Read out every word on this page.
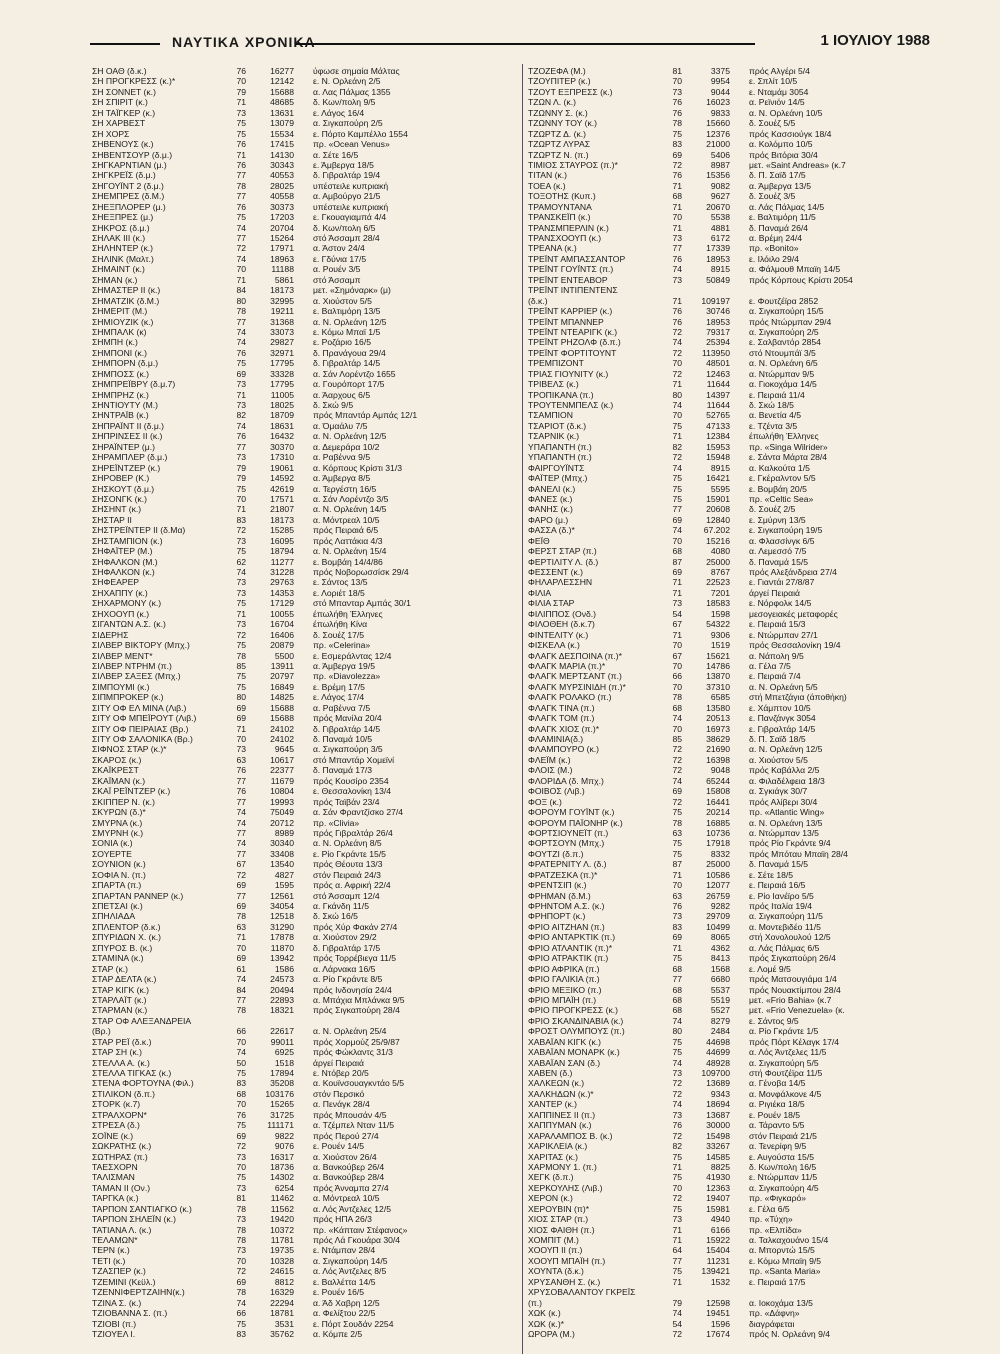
ΝΑΥΤΙΚΑ ΧΡΟΝΙΚΑ	1 ΙΟΥΛΙΟΥ 1988
ΣΗ ΟΑΘ (δ.κ.)	76	16277 ύφωσε σημαία Μάλτας
ΣΗ ΠΡΟΓΚΡΕΣΣ (κ.)*	70	12142 ε. Ν. Ορλεάνη 2/5
ΣΗ ΣΟΝΝΕΤ (κ.)	79	15688 α. Λας Πάλμας 1355
ΣΗ ΣΠΙΡΙΤ (κ.)	71	48685 δ. Κων/πολη 9/5
ΣΗ ΤΑΪΓΚΕΡ (κ.)	73	13631 ε. Λάγος 16/4
ΣΗ ΧΑΡΒΕΣΤ	75	13079 α. Σιγκαπούρη 2/5
ΣΗ ΧΟΡΣ	75	15534 ε. Πόρτο Καμπέλλο 1554
ΣΗΒΕΝΟΥΣ (κ.)	76	17415 πρ. «Ocean Venus»
ΣΗΒΕΝΤΣΟΥΡ (δ.μ.)	71	14130 α. Σέτε 16/5
ΣΗΓΚΑΡΝΤΙΑΝ (μ.)	76	30343 ε. Άμβεργα 18/5
ΣΗΓΚΡΕΪΣ (δ.μ.)	77	40553 δ. Γιβραλτάρ 19/4
ΣΗΓΟΥΪΝΤ 2 (δ.μ.)	78	28025 υπέστειλε κυπριακή
ΣΗΕΜΠΡΕΣ (δ.Μ.)	77	40558 α. Αμβούργο 21/5
ΣΗΕΞΠΛΟΡΕΡ (μ.)	76	30373 υπέστειλε κυπριακή
ΣΗΕΞΠΡΕΣ (μ.)	75	17203 ε. Γκουαγιαμπά 4/4
ΣΗΚΡΟΣ (δ.μ.)	74	20704 δ. Κων/πολη 6/5
ΣΗΛΑΚ ΙΙΙ (κ.)	77	15264 στό Άσσαμπ 28/4
ΣΗΛΗΝΤΕΡ (κ.)	72	17971 α. Άστον 24/4
ΣΗΛΙΝΚ (Μαλτ.)	74	18963 ε. Γδύνια 17/5
ΣΗΜΑΙΝΤ (κ.)	70	11188 α. Ρουέν 3/5
ΣΗΜΑΝ (κ.)	71	5861 στό Άσσαμπ
ΣΗΜΑΣΤΕΡ ΙΙ (κ.)	84	18173 μετ. «Σημόναρκ» (μ)
ΣΗΜΑΤΖΙΚ (δ.Μ.)	80	32995 α. Χιούστον 5/5
ΣΗΜΕΡΙΤ (Μ.)	78	19211 ε. Βαλτιμόρη 13/5
ΣΗΜΙΟΥΖΙΚ (κ.)	77	31368 α. Ν. Ορλεάνη 12/5
ΣΗΜΠΑΛΚ (κ)	74	33073 ε. Κόμω Μπαϊ 1/5
ΣΗΜΠΗ (κ.)	74	29827 ε. Ροζάριο 16/5
ΣΗΜΠΟΝΙ (κ.)	76	32971 δ. Πρανάγουα 29/4
ΣΗΜΠΟΡΝ (δ.μ.)	75	17795 δ. Γιβραλτάρ 14/5
ΣΗΜΠΟΣΣ (κ.)	69	33328 α. Σάν Λορέντζο 1655
ΣΗΜΠΡΕΪΒΡΥ (δ.μ.7)	73	17795 α. Γουρόπορτ 17/5
ΣΗΜΠΡΗΖ (κ.)	71	11005 α. Άαρχους 6/5
ΣΗΝΤΙΟΥΤΥ (Μ.)	73	18025 δ. Σκώ 9/5
ΣΗΝΤΡΑΪΒ (κ.)	82	18709 πρός Μπαντάρ Αμπάς 12/1
ΣΗΠΡΑΪΝΤ ΙΙ (δ.μ.)	74	18631 α. Όμαάλυ 7/5
ΣΗΠΡΙΝΣΕΣ ΙΙ (κ.)	76	16432 α. Ν. Ορλεάνη 12/5
ΣΗΡΑΪΝΤΕΡ (μ.)	77	30370 α. Δεμεράρα 10/2
ΣΗΡΑΜΠΛΕΡ (δ.μ.)	73	17310 α. Ραβέννα 9/5
ΣΗΡΕΪΝΤΖΕΡ (κ.)	79	19061 α. Κόρπους Κρίστι 31/3
ΣΗΡΟΒΕΡ (Κ.)	79	14592 α. Άμβεργα 8/5
ΣΗΣΚΟΥΤ (δ.μ.)	75	42619 α. Τεργέστη 16/5
ΣΗΣΟΝΓΚ (κ.)	70	17571 α. Σάν Λορέντζο 3/5
ΣΗΣΗΝΤ (κ.)	71	21807 α. Ν. Ορλεάνη 14/5
ΣΗΣΤΑΡ ΙΙ	83	18173 α. Μόντρεαλ 10/5
ΣΗΣΤΡΕΪΝΤΕΡ ΙΙ (δ.Μα)	72	15285 πρός Πειραιά 6/5
ΣΗΣΤΑΜΠΙΟΝ (κ.)	73	16095 πρός Λαττάκια 4/3
ΣΗΦΑΪΤΕΡ (Μ.)	75	18794 α. Ν. Ορλεάνη 15/4
ΣΗΦΑΛΚΟΝ (Μ.)	62	11277 ε. Βομβάη 14/4/86
ΣΗΦΑΛΚΟΝ (κ.)	74	31228 πρός Νοβορωσσίσκ 29/4
ΣΗΦΕΑΡΕΡ	73	29763 ε. Σάντος 13/5
ΣΗΧΑΠΠΥ (κ.)	73	14353 ε. Λοριέτ 18/5
ΣΗΧΑΡΜΟΝΥ (κ.)	75	17129 στό Μπανταρ Αμπάς 30/1
ΣΗΧΟΟΥΠ (κ.)	71	10055 έπωλήθη Έλληνες
ΣΙΓΑΝΤΩΝ Α.Σ. (κ.)	73	16704 έπωλήθη Κίνα
ΣΙΔΕΡΗΣ	72	16406 δ. Σουέζ 17/5
ΣΙΛΒΕΡ ΒΙΚΤΟΡΥ (Μπχ.)	75	20879 πρ. «Celerina»
ΣΙΛΒΕΡ ΜΕΝΤ*	78	5500 ε. Εσμεράλντας 12/4
ΣΙΛΒΕΡ ΝΤΡΗΜ (π.)	85	13911 α. Άμβεργα 19/5
ΣΙΛΒΕΡ ΣΑΞΕΣ (Μπχ.)	75	20797 πρ. «Diavolezza»
ΣΙΜΠΟΥΜΙ (κ.)	75	16849 ε. Βρέμη 17/5
ΣΙΠΜΠΡΟΚΕΡ (κ.)	80	14825 ε. Λάγος 17/4
ΣΙΤΥ ΟΦ ΕΛ ΜΙΝΑ (Λιβ.)	69	15688 α. Ραβέννα 7/5
ΣΙΤΥ ΟΦ ΜΠΕΪΡΟΥΤ (Λιβ.)	69	15688 πρός Μανίλα 20/4
ΣΙΤΥ ΟΦ ΠΕΙΡΑΙΑΣ (Βρ.)	71	24102 δ. Γιβραλτάρ 14/5
ΣΙΤΥ ΟΦ ΣΑΛΟΝΙΚΑ (Βρ.)	70	24102 δ. Παναμά 10/5
ΣΙΦΝΟΣ ΣΤΑΡ (κ.)*	73	9645 α. Σιγκαπούρη 3/5
ΣΚΑΡΟΣ (κ.)	63	10617 στό Μπαντάρ Χομεϊνί
ΣΚΑΪΚΡΕΣΤ	76	22377 δ. Παναμά 17/3
ΣΚΑΪΜΑΝ (κ.)	77	11679 πρός Κουσίρο 2354
ΣΚΑΪ ΡΕΪΝΤΖΕΡ (κ.)	76	10804 ε. Θεσσαλονίκη 13/4
ΣΚΙΠΠΕΡ Ν. (κ.)	77	19993 πρός Ταϊβάν 23/4
ΣΚΥΡΩΝ (δ.)*	74	75049 α. Σάν Φραντζίσκο 27/4
ΣΜΥΡΝΑ (κ.)	74	20712 πρ. «Clivia»
ΣΜΥΡΝΗ (κ.)	77	8989 πρός Γιβραλτάρ 26/4
ΣΟΝΙΑ (κ.)	74	30340 α. Ν. Ορλεάνη 8/5
ΣΟΥΕΡΤΕ	77	33408 ε. Ρίο Γκράντε 15/5
ΣΟΥΝΙΟΝ (κ.)	67	13540 πρός Θέουτα 13/3
ΣΟΦΙΑ Ν. (π.)	72	4827 στόν Πειραιά 24/3
ΣΠΑΡΤΑ (π.)	69	1595 πρός α. Αφρική 22/4
ΣΠΑΡΤΑΝ ΡΑΝΝΕΡ (κ.)	77	12561 στό Άσσαμπ 12/4
ΣΠΕΤΣΑΙ (κ.)	69	34054 α. Γκάνδη 11/5
ΣΠΗΛΙΑΔΑ	78	12518 δ. Σκώ 16/5
ΣΠΛΕΝΤΟΡ (δ.κ.)	63	31290 πρός Χύρ Φακάν 27/4
ΣΠΥΡΙΔΩΝ Χ. (κ.)	71	17878 α. Χιούστον 29/2
ΣΠΥΡΟΣ Β. (κ.)	70	11870 δ. Γιβραλτάρ 17/5
ΣΤΑΜΙΝΑ (κ.)	69	13942 πρός Τορρέβιεγα 11/5
ΣΤΑΡ (κ.)	61	1586 α. Λάρνακα 16/5
ΣΤΑΡ ΔΕΛΤΑ (κ.)	74	24573 α. Ρίο Γκράντε 8/5
ΣΤΑΡ ΚΙΓΚ (κ.)	84	20494 πρός Ινδονησία 24/4
ΣΤΑΡΛΑΪΤ (κ.)	77	22893 α. Μπάχια Μπλάνκα 9/5
ΣΤΑΡΜΑΝ (κ.)	78	18321 πρός Σιγκαπούρη 28/4
ΣΤΑΡ ΟΦ ΑΛΕΞΑΝΔΡΕΙΑ
(Βρ.)	66	22617 α. Ν. Ορλεάνη 25/4
ΣΤΑΡ ΡΕΪ (δ.κ.)	70	99011 πρός Χορμούζ 25/9/87
ΣΤΑΡ ΣΗ (κ.)	74	6925 πρός Φώκλαντς 31/3
ΣΤΕΛΛΑ Α. (κ.)	50	1518 άργεί Πειραιά
ΣΤΕΛΛΑ ΤΙΓΚΑΣ (κ.)	75	17894 ε. Ντόβερ 20/5
ΣΤΕΝΑ ΦΟΡΤΟΥΝΑ (Φιλ.)	83	35208 α. Κουϊνσουαγκντάο 5/5
ΣΤΙΛΙΚΟΝ (δ.π.)	68	103176 στόν Περσικό
ΣΤΟΡΚ (κ.7)	70	15265 α. Πενάγκ 28/4
ΣΤΡΑΛΧΟΡΝ*	76	31725 πρός Μπουσάν 4/5
ΣΤΡΕΣΑ (δ.)	75	111171 α. Τζέμπελ Νταν 11/5
ΣΟΪΝΕ (κ.)	69	9822 πρός Περού 27/4
ΣΩΚΡΑΤΗΣ (κ.)	72	9076 ε. Ρουέν 14/5
ΣΩΤΗΡΑΣ (π.)	73	16317 α. Χιούστον 26/4
ΤΑΕΣΧΟΡΝ	70	18736 α. Βανκούβερ 26/4
ΤΑΛΙΣΜΑΝ	75	14302 α. Βανκούβερ 28/4
ΤΑΜΑΝ ΙΙ (Ον.)	73	6254 πρός Άνναμπα 27/4
ΤΑΡΓΚΑ (κ.)	81	11462 α. Μόντρεαλ 10/5
ΤΑΡΠΟΝ ΣΑΝΤΙΑΓΚΟ (κ.)	78	11562 α. Λός Άντζελες 12/5
ΤΑΡΠΟΝ ΣΗΛΕΪΝ (κ.)	73	19420 πρός ΗΠΑ 26/3
ΤΑΤΙΑΝΑ Λ. (κ.)	78	10372 πρ. «Κάπταιν Στέφανος»
ΤΕΛΑΜΩΝ*	78	11781 πρός Λά Γκουάρα 30/4
ΤΕΡΝ (κ.)	73	19735 ε. Ντάμπαν 28/4
ΤΕΤΙ (κ.)	70	10328 α. Σιγκαπούρη 14/5
ΤΖΑΣΠΕΡ (κ.)	72	24615 α. Λός Άντζελες 8/5
ΤΖΕΜΙΝΙ (Κεϋλ.)	69	8812 ε. Βαλλέττα 14/5
ΤΖΕΝΝΙΦΕΡΤΖΑΙΗΝ(κ.)	78	16329 ε. Ρουέν 16/5
ΤΖΙΝΑ Σ. (κ.)	74	22294 α. Άδ Χαβρη 12/5
ΤΖΙΟΒΑΝΝΑ Σ. (π.)	66	18781 α. Φελίξτου 22/5
ΤΖΙΟΒΙ (π.)	75	3531 ε. Πόρτ Σουδάν 2254
ΤΖΙΟΥΕΛ Ι.	83	35762 α. Κόμπε 2/5
ΤΖΟΖΕΦΑ (Μ.)	81	3375 πρός Αλγέρι 5/4
ΤΖΟΥΠΙΤΕΡ (κ.)	70	9954 ε. Σπλίτ 10/5
ΤΖΟΥΤ ΕΞΠΡΕΣΣ (κ.)	73	9044 ε. Νταμάμ 3054
ΤΖΩΝ Λ. (κ.)	76	16023 α. Ρεϊνιόν 14/5
ΤΖΩΝΝΥ Σ. (κ.)	76	9833 α. Ν. Ορλεάνη 10/5
ΤΖΩΝΝΥ ΤΟΥ (κ.)	78	15660 δ. Σουέζ 5/5
ΤΖΩΡΤΖ Δ. (κ.)	75	12376 πρός Κασσιούγκ 18/4
ΤΖΩΡΤΖ ΛΥΡΑΣ	83	21000 α. Κολόμπο 10/5
ΤΖΩΡΤΖ Ν. (π.)	69	5406 πρός Βιτόρια 30/4
ΤΙΜΙΟΣ ΣΤΑΥΡΟΣ (π.)*	72	8987 μετ. «Saint Andreas» (κ.7
ΤΙΤΑΝ (κ.)	76	15356 δ. Π. Σαϊδ 17/5
ΤΟΕΑ (κ.)	71	9082 α. Άμβεργα 13/5
ΤΟΞΟΤΗΣ (Κυπ.)	68	9627 δ. Σουέζ 3/5
ΤΡΑΜΟΥΝΤΑΝΑ	71	20670 α. Λάς Πάλμας 14/5
ΤΡΑΝΣΚΕΪΠ (κ.)	70	5538 ε. Βαλτιμόρη 11/5
ΤΡΑΝΣΜΠΕΡΛΙΝ (κ.)	71	4881 δ. Παναμά 26/4
ΤΡΑΝΣΧΟΟΥΠ (κ.)	73	6172 α. Βρέμη 24/4
ΤΡΕΑΝΑ (κ.)	77	17339 πρ. «Bonito»
ΤΡΕΪΝΤ ΑΜΠΑΣΣΑΝΤΟΡ	76	18953 ε. Ιλόιλο 29/4
ΤΡΕΪΝΤ ΓΟΥΪΝΤΣ (π.)	74	8915 α. Φάλμουθ Μπαϊη 14/5
ΤΡΕΪΝΤ ΕΝΤΕΑΒΟΡ	73	50849 πρός Κόρπους Κρίστι 2054
ΤΡΕΪΝΤ ΙΝΤΙΠΕΝΤΕΝΣ
(δ.κ.)	71	109197 ε. Φουτζέϊρα 2852
ΤΡΕΪΝΤ ΚΑΡΡΙΕΡ (κ.)	76	30746 α. Σιγκαπούρη 15/5
ΤΡΕΪΝΤ ΜΠΑΝΝΕΡ	76	18953 πρός Ντώρμπαν 29/4
ΤΡΕΪΝΤ ΝΤΕΑΡΙΓΚ (κ.)	72	79317 α. Σιγκαπούρη 2/5
ΤΡΕΪΝΤ ΡΗΖΟΛΦ (δ.π.)	74	25394 ε. Σαλβαντόρ 2854
ΤΡΕΪΝΤ ΦΟΡΤΙΤΟΥΝΤ	72	113950 στό Ντουμπάϊ 3/5
ΤΡΕΜΠΙΖΟΝΤ	70	48501 α. Ν. Ορλεάνη 6/5
ΤΡΙΑΣ ΓΙΟΥΝΙΤΥ (κ.)	72	12463 α. Ντώρμπαν 9/5
ΤΡΙΒΕΛΣ (κ.)	71	11644 α. Γιοκοχάμα 14/5
ΤΡΟΠΙΚΑΝΑ (π.)	80	14397 ε. Πειραιά 11/4
ΤΡΟΥΤΕΝΜΠΕΛΣ (κ.)	74	11644 δ. Σκώ 18/5
ΤΣΑΜΠΙΟΝ	70	52765 α. Βενετία 4/5
ΤΣΑΡΙΟΤ (δ.κ.)	75	47133 ε. Τζέντα 3/5
ΤΣΑΡΝΙΚ (κ.)	71	12384 έπωλήθη Έλληνες
ΥΠΑΠΑΝΤΗ (π.)	82	15953 πρ. «Singa Wilrider»
ΥΠΑΠΑΝΤΗ (π.)	72	15948 ε. Σάντα Μάρτα 28/4
ΦΑΙΡΓΟΥΪΝΤΣ	74	8915 α. Καλκούτα 1/5
ΦΑΪΤΕΡ (Μπχ.)	75	16421 ε. Γκέραλντον 5/5
ΦΑΝΕΛΙ (κ.)	75	5595 ε. Βομβάη 20/5
ΦΑΝΕΣ (κ.)	75	15901 πρ. «Celtic Sea»
ΦΑΝΗΣ (κ.)	77	20608 δ. Σουέζ 2/5
ΦΑΡΟ (μ.)	69	12840 ε. Σμύρνη 13/5
ΦΑΣΣΑ (δ.)*	74	67.202 ε. Σιγκαπούρη 19/5
ΦΕΪΘ	70	15216 α. Φλασσίνγκ 6/5
ΦΕΡΣΤ ΣΤΑΡ (π.)	68	4080 α. Λεμεσσό 7/5
ΦΕΡΤΙΛΙΤΥ Λ. (δ.)	87	25000 δ. Παναμά 15/5
ΦΕΣΣΕΝΤ (κ.)	69	8767 πρός Αλεξάνδρεια 27/4
ΦΗΛΑΡΛΕΣΣΗΝ	71	22523 ε. Γιαντάι 27/8/87
ΦΙΛΙΑ	71	7201 άργεί Πειραιά
ΦΙΛΙΑ ΣΤΑΡ	73	18583 ε. Νόρφολκ 14/5
ΦΙΛΙΠΠΟΣ (Ονδ.)	54	1598 μεσογειακές μεταφορές
ΦΙΛΟΘΕΗ (δ.κ.7)	67	54322 ε. Πειραιά 15/3
ΦΙΝΤΕΛΙΤΥ (κ.)	71	9306 ε. Ντώρμπαν 27/1
ΦΙΣΚΕΛΑ (κ.)	70	1519 πρός Θεσσαλονίκη 19/4
ΦΛΑΓΚ ΔΕΣΠΟΙΝΑ (π.)*	67	15621 α. Νάπολη 9/5
ΦΛΑΓΚ ΜΑΡΙΑ (π.)*	70	14786 α. Γέλα 7/5
ΦΛΑΓΚ ΜΕΡΤΣΑΝΤ (π.)	66	13870 ε. Πειραιά 7/4
ΦΛΑΓΚ ΜΥΡΣΙΝΙΔΗ (π.)*	70	37310 α. Ν. Ορλεάνη 5/5
ΦΛΑΓΚ ΡΟΛΑΚΟ (π.)	78	6585 στή Μπετζάγια (άποθήκη)
ΦΛΑΓΚ ΤΙΝΑ (π.)	68	13580 ε. Χάμπτον 10/5
ΦΛΑΓΚ ΤΟΜ (π.)	74	20513 ε. Πανζάνγκ 3054
ΦΛΑΓΚ ΧΙΟΣ (π.)*	70	16973 ε. Γιβραλτάρ 14/5
ΦΛΑΜΙΝΙΑ(δ.)	85	38629 δ. Π. Σαϊδ 18/5
ΦΛΑΜΠΟΥΡΟ (κ.)	72	21690 α. Ν. Ορλεάνη 12/5
ΦΛΕΪΜ (κ.)	72	16398 α. Χιούστον 5/5
ΦΛΟΙΣ (Μ.)	72	9048 πρός Καβάλλα 2/5
ΦΛΟΡΙΔΑ (δ. Μπχ.)	74	65244 α. Φιλαδέλφεια 18/3
ΦΟΙΒΟΣ (Λιβ.)	69	15808 α. Σγκιάγκ 30/7
ΦΟΞ (κ.)	72	16441 πρός Αλίβερι 30/4
ΦΟΡΟΥΜ ΓΟΥΪΝΤ (κ.)	75	20214 πρ. «Atlantic Wing»
ΦΟΡΟΥΜ ΠΑΪΟΝΗΡ (κ.)	78	16885 α. Ν. Ορλεάνη 13/5
ΦΟΡΤΣΙΟΥΝΕΪΤ (π.)	63	10736 α. Ντώρμπαν 13/5
ΦΟΡΤΣΟΥΝ (Μπχ.)	75	17918 πρός Ρίο Γκράντε 9/4
ΦΟΥΤΖΙ (δ.π.)	75	8332 πρός Μπόταυ Μπαϊη 28/4
ΦΡΑΤΕΡΝΙΤΥ Λ. (δ.)	87	25000 δ. Παναμά 15/5
ΦΡΑΤΖΕΣΚΑ (π.)*	71	10586 ε. Σέτε 18/5
ΦΡΕΝΤΣΙΠ (κ.)	70	12077 ε. Πειραιά 16/5
ΦΡΗΜΑΝ (δ.Μ.)	63	26759 ε. Ρίο Ιανέϊρο 5/5
ΦΡΗΝΤΟΜ Α.Σ. (κ.)	76	9282 πρός Ιταλία 19/4
ΦΡΗΠΟΡΤ (κ.)	73	29709 α. Σιγκαπούρη 11/5
ΦΡΙΟ ΑΙΤΖΗΑΝ (π.)	83	10499 α. Μοντεβιδέο 11/5
ΦΡΙΟ ΑΝΤΑΡΚΤΙΚ (π.)	69	8065 στή Χονολουλού 12/5
ΦΡΙΟ ΑΤΛΑΝΤΙΚ (π.)*	71	4362 α. Λάς Πάλμας 6/5
ΦΡΙΟ ΑΤΡΑΚΤΙΚ (π.)	75	8413 πρός Σιγκαπούρη 26/4
ΦΡΙΟ ΑΦΡΙΚΑ (π.)	68	1568 ε. Λομέ 9/5
ΦΡΙΟ ΓΑΛΙΚΙΑ (π.)	77	6680 πρός Ματσουγιάμα 1/4
ΦΡΙΟ ΜΕΞΙΚΟ (π.)	68	5537 πρός Νουακτίμπου 28/4
ΦΡΙΟ ΜΠΑΪΗ (π.)	68	5519 μετ. «Frio Bahia» (κ.7
ΦΡΙΟ ΠΡΟΓΚΡΕΣΣ (κ.)	68	5527 μετ. «Frio Venezuela» (κ.
ΦΡΙΟ ΣΚΑΝΔΙΝΑΒΙΑ (κ.)	74	8279 ε. Σάντος 9/5
ΦΡΟΣΤ ΟΛΥΜΠΟΥΣ (π.)	80	2484 α. Ρίο Γκράντε 1/5
ΧΑΒΑΪΑΝ ΚΙΓΚ (κ.)	75	44698 πρός Πόρτ Κέλαγκ 17/4
ΧΑΒΑΪΑΝ ΜΟΝΑΡΚ (κ.)	75	44699 α. Λός Άντζελες 11/5
ΧΑΒΑΪΑΝ ΣΑΝ (δ.)	74	48928 α. Σιγκαπούρη 5/5
ΧΑΒΕΝ (δ.)	73	109700 στή Φουτζέϊρα 11/5
ΧΑΛΚΕΩΝ (κ.)	72	13689 α. Γένοβα 14/5
ΧΑΛΚΗΔΩΝ (κ.)*	72	9343 α. Μονφάλκονε 4/5
ΧΑΝΤΕΡ (κ.)	74	18694 α. Ριγιέκα 18/5
ΧΑΠΠΙΝΕΣ ΙΙ (π.)	73	13687 ε. Ρουέν 18/5
ΧΑΠΠΥΜΑΝ (κ.)	76	30000 α. Τάραντο 5/5
ΧΑΡΑΛΑΜΠΟΣ Β. (κ.)	72	15498 στόν Πειραιά 21/5
ΧΑΡΙΚΛΕΙΑ (κ.)	82	33267 α. Τενερίφη 9/5
ΧΑΡΙΤΑΣ (κ.)	75	14585 ε. Αυγούστα 15/5
ΧΑΡΜΟΝΥ 1. (π.)	71	8825 δ. Κων/πολη 16/5
ΧΕΓΚ (δ.π.)	75	41930 ε. Ντώρμπαν 11/5
ΧΕΡΚΟΥΛΗΣ (Λιβ.)	70	12363 α. Σιγκαπούρη 4/5
ΧΕΡΟΝ (κ.)	72	19407 πρ. «Φιγκαρό»
ΧΕΡΟΥΒΙΝ (π)*	75	15981 ε. Γέλα 6/5
ΧΙΟΣ ΣΤΑΡ (π.)	73	4940 πρ. «Τύχη»
ΧΙΟΣ ΦΑΙΘΗ (π.)	71	6166 πρ. «Ελπίδα»
ΧΟΜΠΙΤ (Μ.)	71	15922 α. Ταλκαχουάνο 15/4
ΧΟΟΥΠ ΙΙ (π.)	64	15404 α. Μπορντώ 15/5
ΧΟΟΥΠ ΜΠΑΪΗ (π.)	77	11231 ε. Κόμω Μπαϊη 9/5
ΧΟΥΝΤΑ (δ.κ.)	75	139421 πρ. «Santa Maria»
ΧΡΥΣΑΝΘΗ Σ. (κ.)	71	1532 ε. Πειραιά 17/5
ΧΡΥΣΟΒΑΛΑΝΤΟΥ ΓΚΡΕΪΣ
(π.)	79	12598 α. Ιοκοχάμα 13/5
ΧΩΚ (κ.)	74	19451 πρ. «Δάφνη»
ΧΩΚ (κ.)*	54	1596 διαγράφεται
ΩΡΟΡΑ (Μ.)	72	17674 πρός Ν. Ορλεάνη 9/4
